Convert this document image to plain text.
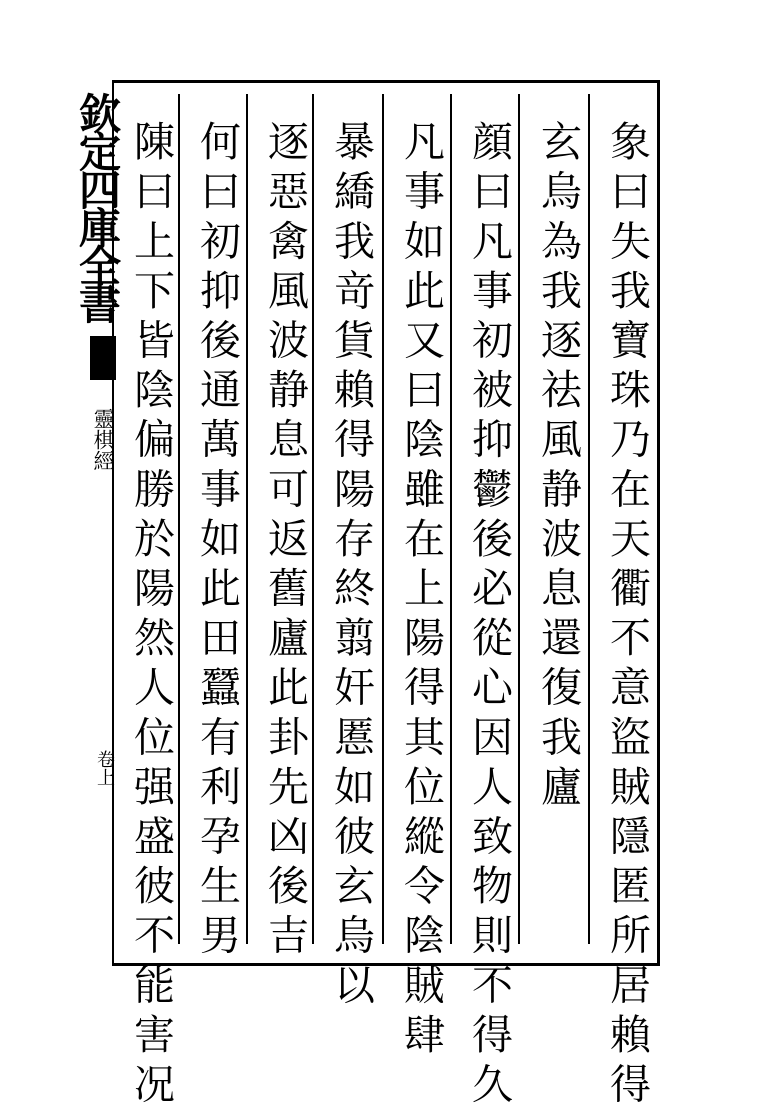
欽定四庫全書
靈棋經
卷上	象曰失我寶珠乃在天衢不意盜賊隱匿所居賴得
玄烏為我逐祛風静波息還復我廬
顔曰凡事初被抑鬱後必從心因人致物則不得久
凡事如此又曰陰雖在上陽得其位縱令陰賊肆
暴繑我竒貨賴得陽存終翦奸慝如彼玄烏以
逐惡禽風波静息可返舊廬此卦先凶後吉
何曰初抑後通萬事如此田蠶有利孕生男
陳曰上下皆陰偏勝於陽然人位强盛彼不能害况
